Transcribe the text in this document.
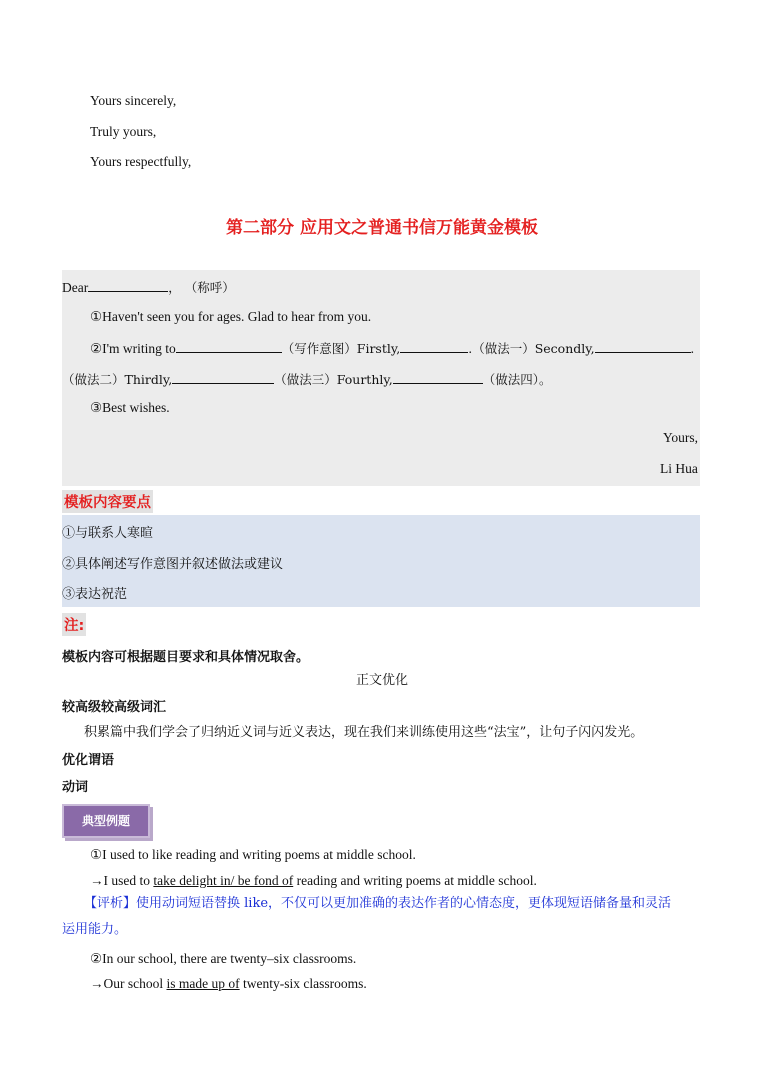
Yours sincerely,
Truly yours,
Yours respectfully,
第二部分 应用文之普通书信万能黄金模板
Dear	， （称呼）
①Haven't seen you for ages. Glad to hear from you.
②I'm writing to	（写作意图）Firstly,	.（做法一）Secondly,	.
（做法二）Thirdly,	（做法三）Fourthly,	（做法四）。
③Best wishes.
Yours,
Li Hua
模板内容要点
①与联系人寒暄
②具体阐述写作意图并叙述做法或建议
③表达祝范
注:
模板内容可根据题目要求和具体情况取舍。
正文优化
较高级较高级词汇
积累篇中我们学会了归纳近义词与近义表达，现在我们来训练使用这些“法宝”，让句子闪闪发光。
优化谓语
动词
典型例题
①I used to like reading and writing poems at middle school.
→I used to take delight in/ be fond of reading and writing poems at middle school.
【评析】使用动词短语替换 like，不仅可以更加准确的表达作者的心情态度，更体现短语储备量和灵活
运用能力。
②In our school, there are twenty–six classrooms.
→Our school is made up of twenty-six classrooms.
